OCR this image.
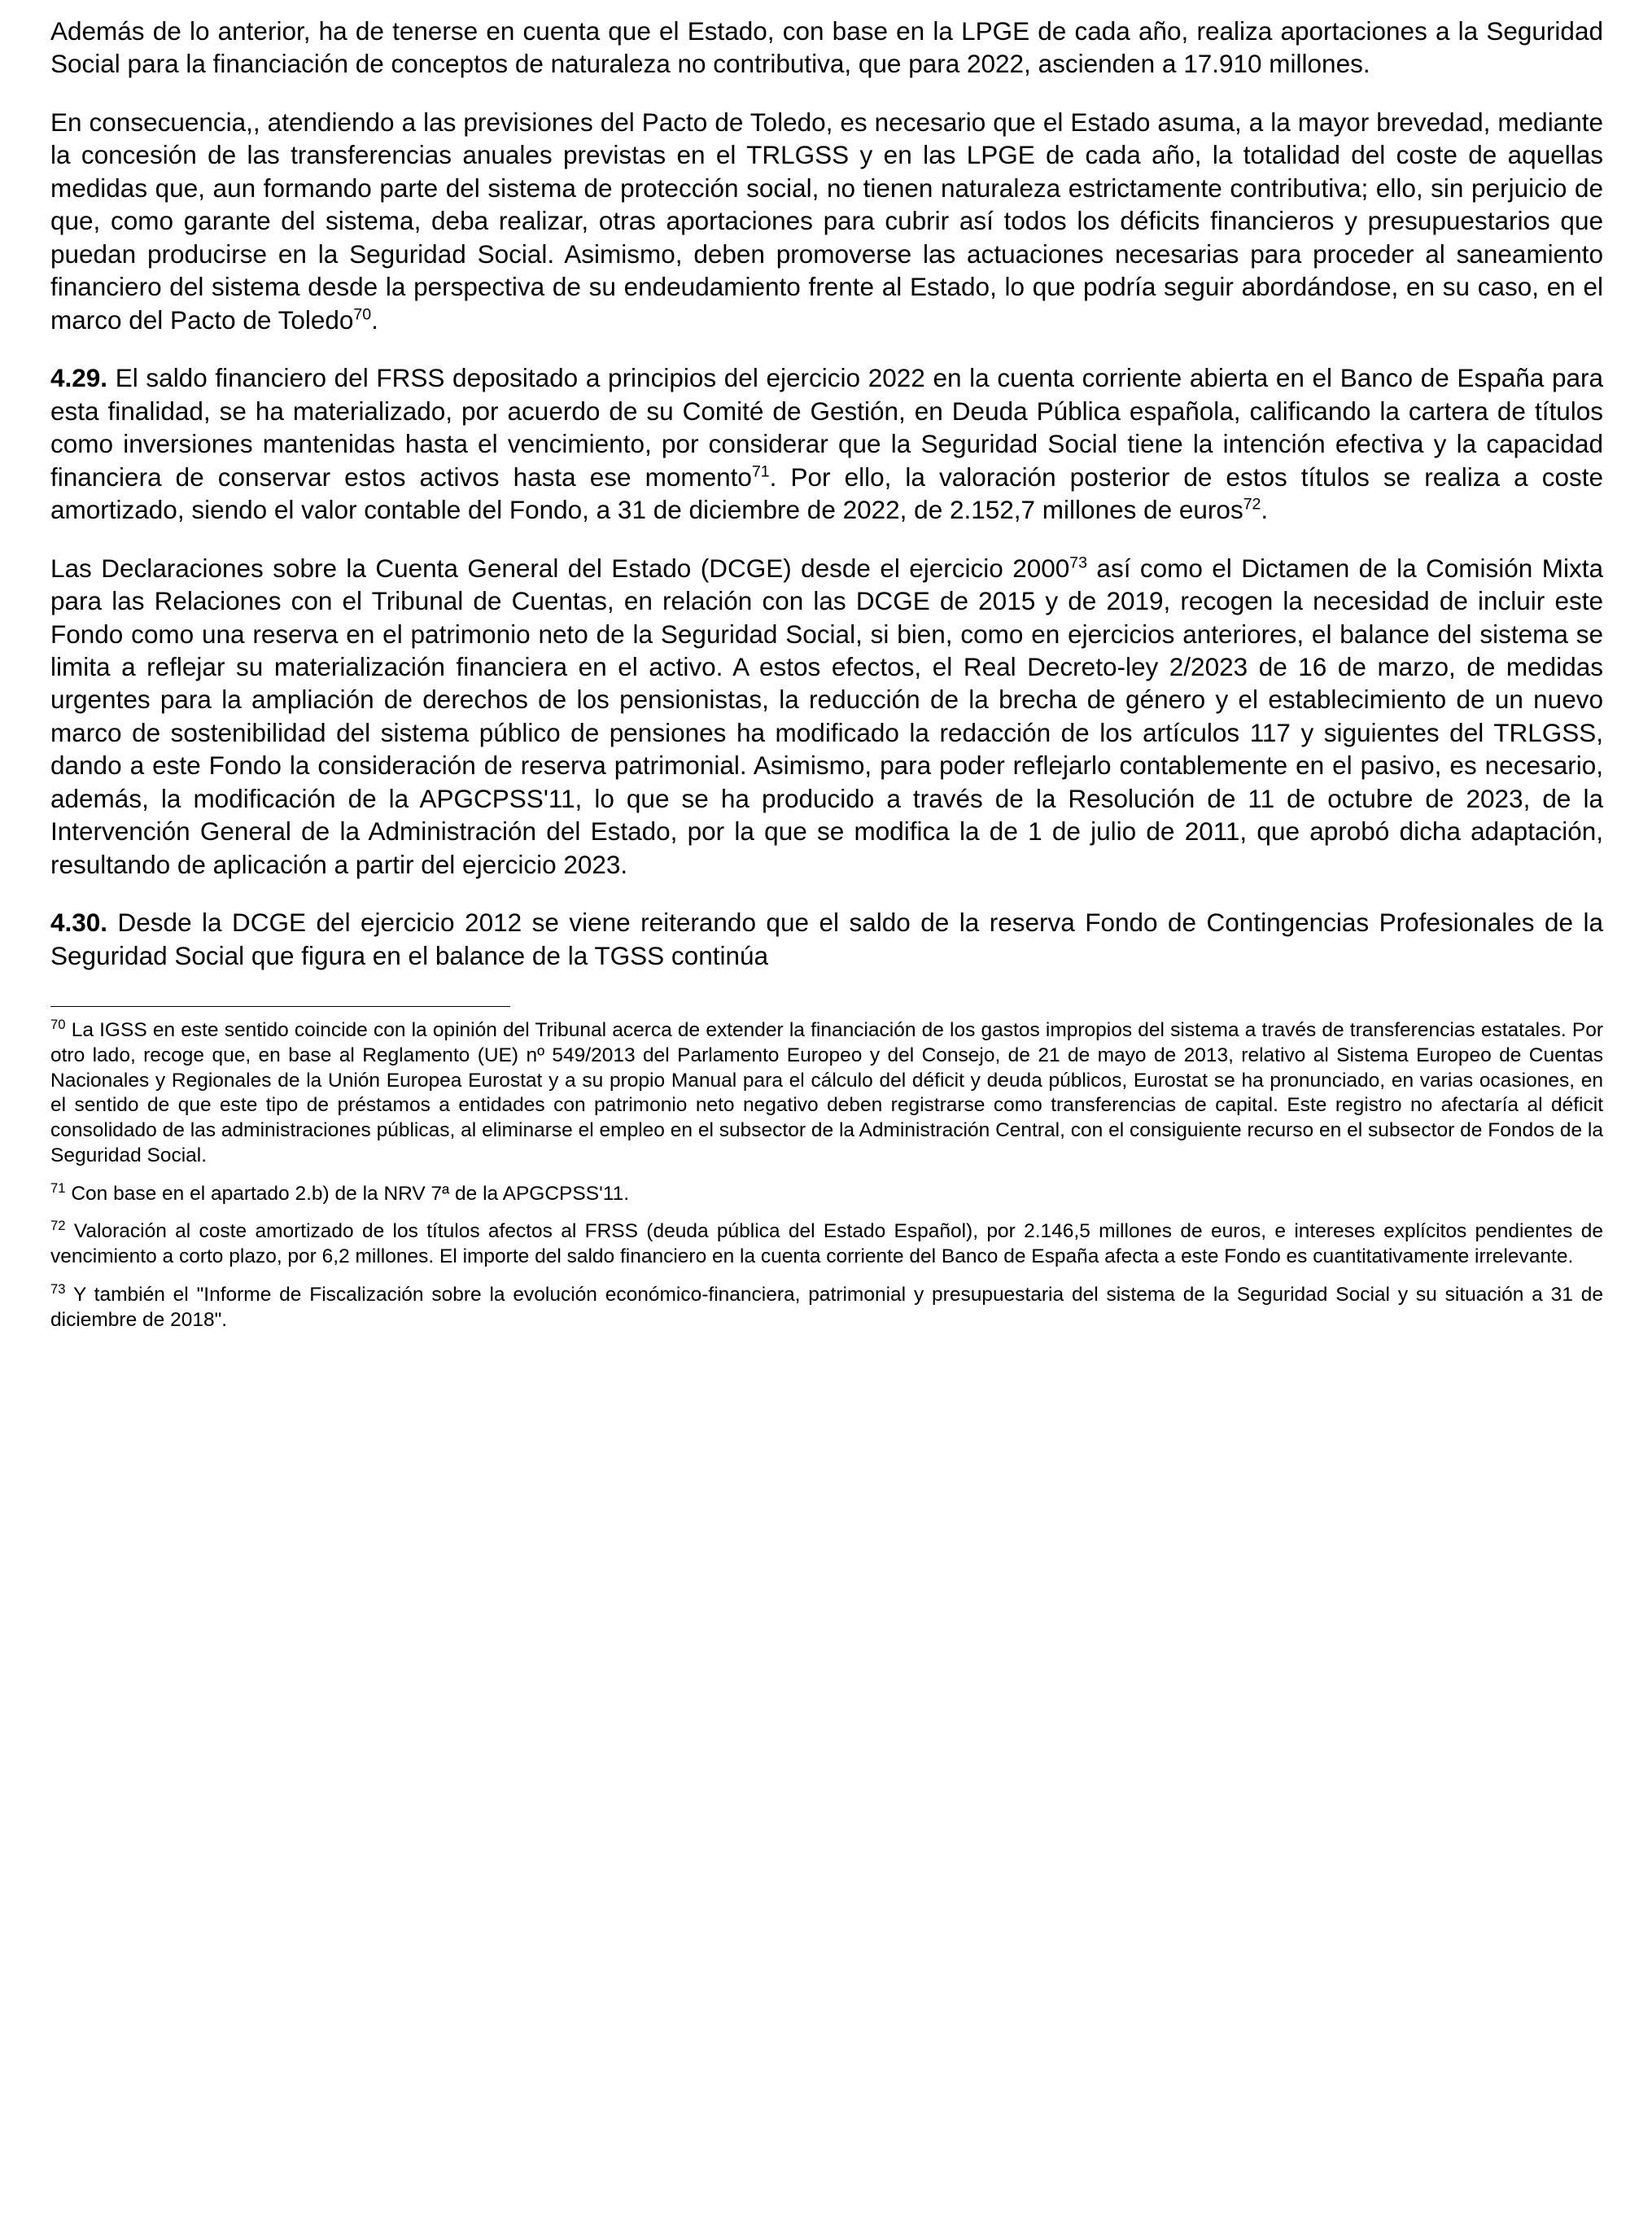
Además de lo anterior, ha de tenerse en cuenta que el Estado, con base en la LPGE de cada año, realiza aportaciones a la Seguridad Social para la financiación de conceptos de naturaleza no contributiva, que para 2022, ascienden a 17.910 millones.

En consecuencia,, atendiendo a las previsiones del Pacto de Toledo, es necesario que el Estado asuma, a la mayor brevedad, mediante la concesión de las transferencias anuales previstas en el TRLGSS y en las LPGE de cada año, la totalidad del coste de aquellas medidas que, aun formando parte del sistema de protección social, no tienen naturaleza estrictamente contributiva; ello, sin perjuicio de que, como garante del sistema, deba realizar, otras aportaciones para cubrir así todos los déficits financieros y presupuestarios que puedan producirse en la Seguridad Social. Asimismo, deben promoverse las actuaciones necesarias para proceder al saneamiento financiero del sistema desde la perspectiva de su endeudamiento frente al Estado, lo que podría seguir abordándose, en su caso, en el marco del Pacto de Toledo$^{70}$.

4.29. El saldo financiero del FRSS depositado a principios del ejercicio 2022 en la cuenta corriente abierta en el Banco de España para esta finalidad, se ha materializado, por acuerdo de su Comité de Gestión, en Deuda Pública española, calificando la cartera de títulos como inversiones mantenidas hasta el vencimiento, por considerar que la Seguridad Social tiene la intención efectiva y la capacidad financiera de conservar estos activos hasta ese momento$^{71}$. Por ello, la valoración posterior de estos títulos se realiza a coste amortizado, siendo el valor contable del Fondo, a 31 de diciembre de 2022, de 2.152,7 millones de euros$^{72}$.

Las Declaraciones sobre la Cuenta General del Estado (DCGE) desde el ejercicio 2000$^{73}$ así como el Dictamen de la Comisión Mixta para las Relaciones con el Tribunal de Cuentas, en relación con las DCGE de 2015 y de 2019, recogen la necesidad de incluir este Fondo como una reserva en el patrimonio neto de la Seguridad Social, si bien, como en ejercicios anteriores, el balance del sistema se limita a reflejar su materialización financiera en el activo. A estos efectos, el Real Decreto-ley 2/2023 de 16 de marzo, de medidas urgentes para la ampliación de derechos de los pensionistas, la reducción de la brecha de género y el establecimiento de un nuevo marco de sostenibilidad del sistema público de pensiones ha modificado la redacción de los artículos 117 y siguientes del TRLGSS, dando a este Fondo la consideración de reserva patrimonial. Asimismo, para poder reflejarlo contablemente en el pasivo, es necesario, además, la modificación de la APGCPSS'11, lo que se ha producido a través de la Resolución de 11 de octubre de 2023, de la Intervención General de la Administración del Estado, por la que se modifica la de 1 de julio de 2011, que aprobó dicha adaptación, resultando de aplicación a partir del ejercicio 2023.

4.30. Desde la DCGE del ejercicio 2012 se viene reiterando que el saldo de la reserva Fondo de Contingencias Profesionales de la Seguridad Social que figura en el balance de la TGSS continúa

$^{70}$ La IGSS en este sentido coincide con la opinión del Tribunal acerca de extender la financiación de los gastos impropios del sistema a través de transferencias estatales. Por otro lado, recoge que, en base al Reglamento (UE) nº 549/2013 del Parlamento Europeo y del Consejo, de 21 de mayo de 2013, relativo al Sistema Europeo de Cuentas Nacionales y Regionales de la Unión Europea Eurostat y a su propio Manual para el cálculo del déficit y deuda públicos, Eurostat se ha pronunciado, en varias ocasiones, en el sentido de que este tipo de préstamos a entidades con patrimonio neto negativo deben registrarse como transferencias de capital. Este registro no afectaría al déficit consolidado de las administraciones públicas, al eliminarse el empleo en el subsector de la Administración Central, con el consiguiente recurso en el subsector de Fondos de la Seguridad Social.

$^{71}$ Con base en el apartado 2.b) de la NRV 7ª de la APGCPSS'11.

$^{72}$ Valoración al coste amortizado de los títulos afectos al FRSS (deuda pública del Estado Español), por 2.146,5 millones de euros, e intereses explícitos pendientes de vencimiento a corto plazo, por 6,2 millones. El importe del saldo financiero en la cuenta corriente del Banco de España afecta a este Fondo es cuantitativamente irrelevante.

$^{73}$ Y también el "Informe de Fiscalización sobre la evolución económico-financiera, patrimonial y presupuestaria del sistema de la Seguridad Social y su situación a 31 de diciembre de 2018".
